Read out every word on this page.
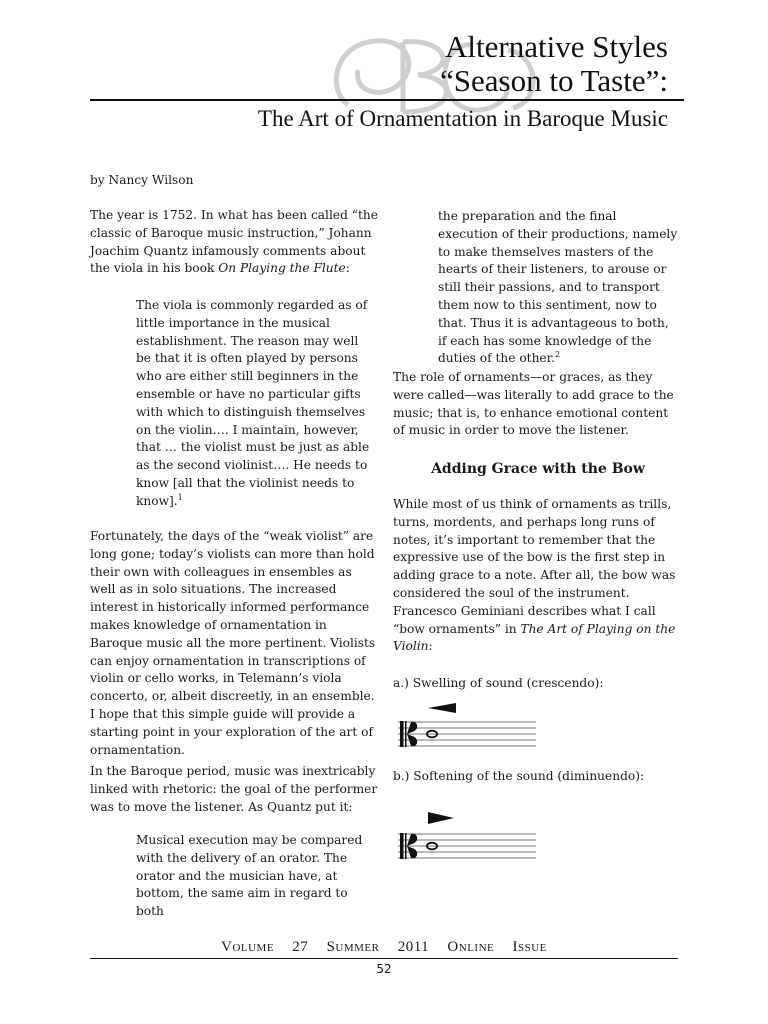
Alternative Styles
“Season to Taste”:
The Art of Ornamentation in Baroque Music
by Nancy Wilson
The year is 1752. In what has been called “the classic of Baroque music instruction,” Johann Joachim Quantz infamously comments about the viola in his book On Playing the Flute:
The viola is commonly regarded as of little importance in the musical establishment. The reason may well be that it is often played by persons who are either still beginners in the ensemble or have no particular gifts with which to distinguish themselves on the violin…. I maintain, however, that … the violist must be just as able as the second violinist…. He needs to know [all that the violinist needs to know].$^1$
Fortunately, the days of the “weak violist” are long gone; today’s violists can more than hold their own with colleagues in ensembles as well as in solo situations. The increased interest in historically informed performance makes knowledge of ornamentation in Baroque music all the more pertinent. Violists can enjoy ornamentation in transcriptions of violin or cello works, in Telemann’s viola concerto, or, albeit discreetly, in an ensemble. I hope that this simple guide will provide a starting point in your exploration of the art of ornamentation.
In the Baroque period, music was inextricably linked with rhetoric: the goal of the performer was to move the listener. As Quantz put it:
Musical execution may be compared with the delivery of an orator. The orator and the musician have, at bottom, the same aim in regard to both
the preparation and the final execution of their productions, namely to make themselves masters of the hearts of their listeners, to arouse or still their passions, and to transport them now to this sentiment, now to that. Thus it is advantageous to both, if each has some knowledge of the duties of the other.$^2$
The role of ornaments—or graces, as they were called—was literally to add grace to the music; that is, to enhance emotional content of music in order to move the listener.
Adding Grace with the Bow
While most of us think of ornaments as trills, turns, mordents, and perhaps long runs of notes, it’s important to remember that the expressive use of the bow is the first step in adding grace to a note. After all, the bow was considered the soul of the instrument. Francesco Geminiani describes what I call “bow ornaments” in The Art of Playing on the Violin:
a.) Swelling of sound (crescendo):
b.) Softening of the sound (diminuendo):
Volume 27 Summer 2011 Online Issue
52
